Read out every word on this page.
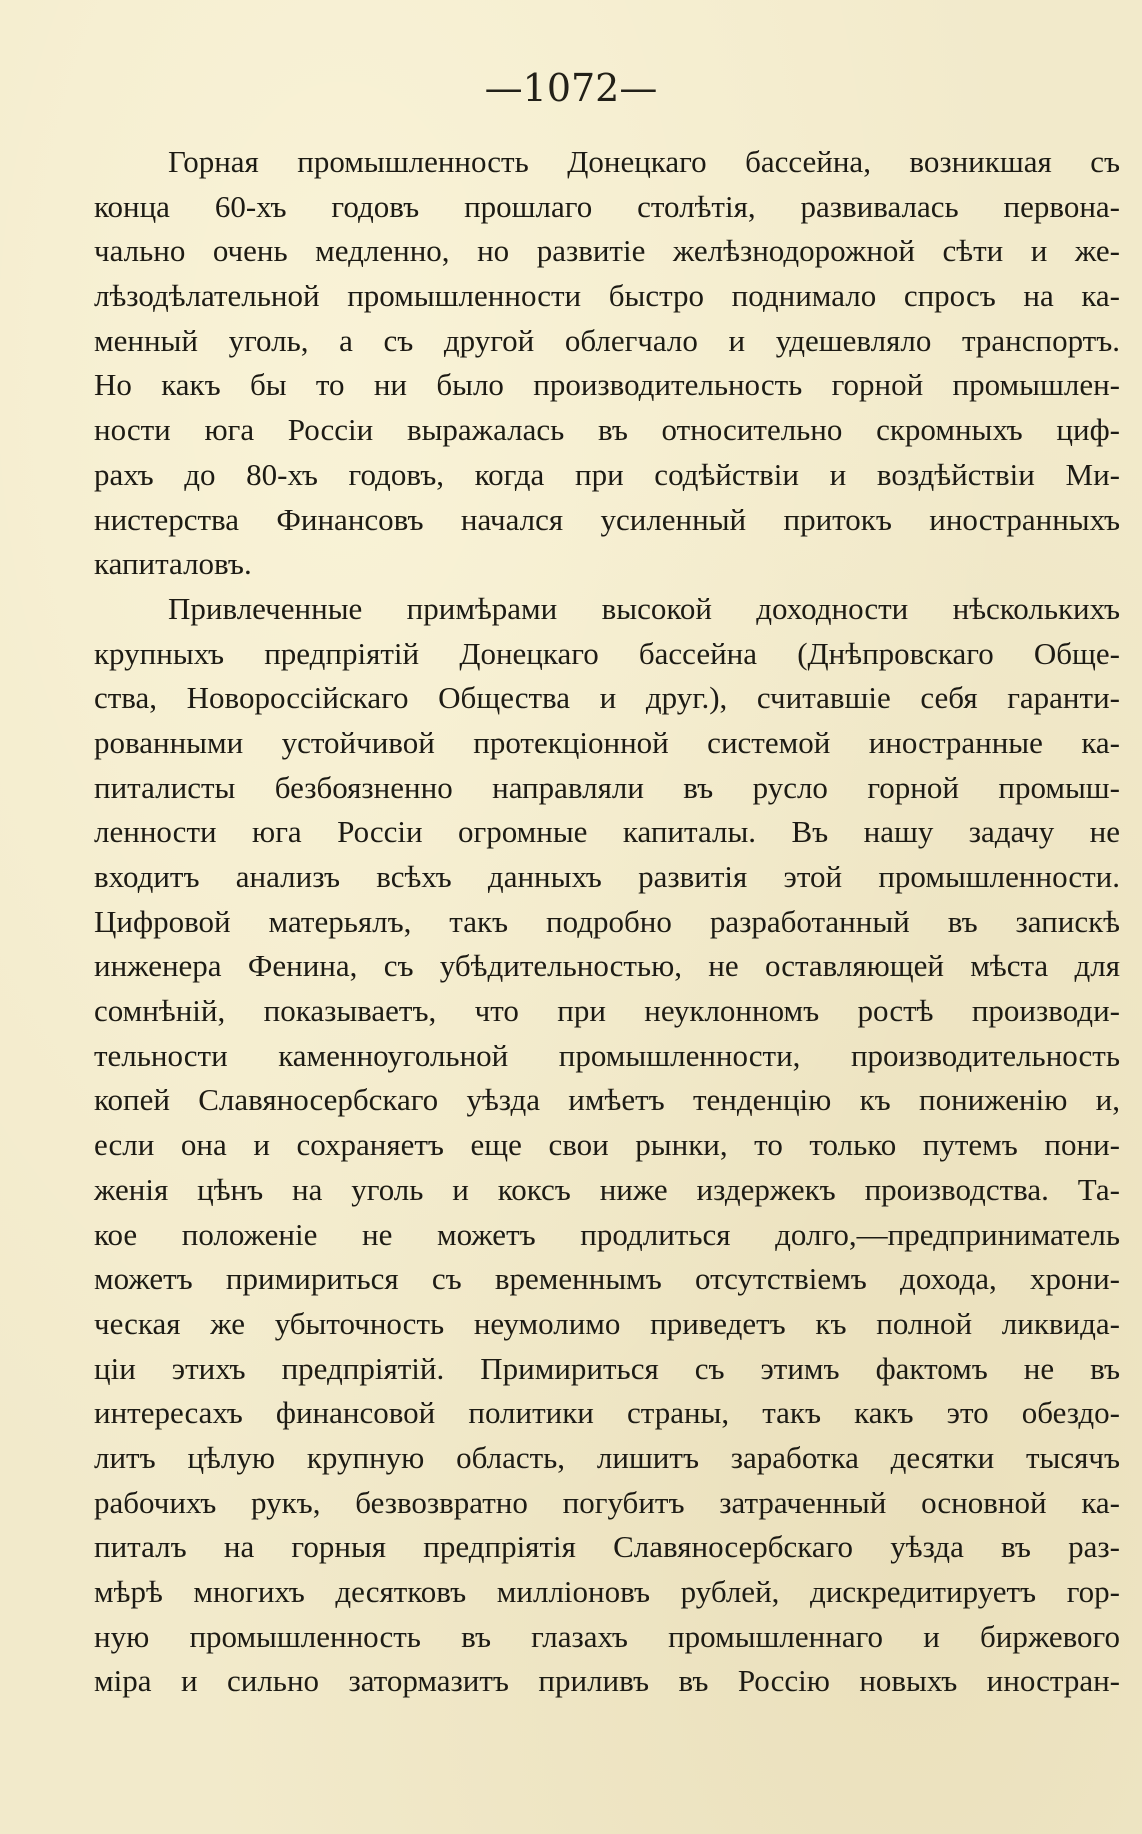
—1072—
Горная промышленность Донецкаго бассейна, возникшая съ
конца 60-хъ годовъ прошлаго столѣтія, развивалась первона-
чально очень медленно, но развитіе желѣзнодорожной сѣти и же-
лѣзодѣлательной промышленности быстро поднимало спросъ на ка-
менный уголь, а съ другой облегчало и удешевляло транспортъ.
Но какъ бы то ни было производительность горной промышлен-
ности юга Россіи выражалась въ относительно скромныхъ циф-
рахъ до 80-хъ годовъ, когда при содѣйствіи и воздѣйствіи Ми-
нистерства Финансовъ начался усиленный притокъ иностранныхъ
капиталовъ.
Привлеченные примѣрами высокой доходности нѣсколькихъ
крупныхъ предпріятій Донецкаго бассейна (Днѣпровскаго Обще-
ства, Новороссійскаго Общества и друг.), считавшіе себя гаранти-
рованными устойчивой протекціонной системой иностранные ка-
питалисты безбоязненно направляли въ русло горной промыш-
ленности юга Россіи огромные капиталы. Въ нашу задачу не
входитъ анализъ всѣхъ данныхъ развитія этой промышленности.
Цифровой матерьялъ, такъ подробно разработанный въ запискѣ
инженера Фенина, съ убѣдительностью, не оставляющей мѣста для
сомнѣній, показываетъ, что при неуклонномъ ростѣ производи-
тельности каменноугольной промышленности, производительность
копей Славяносербскаго уѣзда имѣетъ тенденцію къ пониженію и,
если она и сохраняетъ еще свои рынки, то только путемъ пони-
женія цѣнъ на уголь и коксъ ниже издержекъ производства. Та-
кое положеніе не можетъ продлиться долго,—предприниматель
можетъ примириться съ временнымъ отсутствіемъ дохода, хрони-
ческая же убыточность неумолимо приведетъ къ полной ликвида-
ціи этихъ предпріятій. Примириться съ этимъ фактомъ не въ
интересахъ финансовой политики страны, такъ какъ это обездо-
литъ цѣлую крупную область, лишитъ заработка десятки тысячъ
рабочихъ рукъ, безвозвратно погубитъ затраченный основной ка-
питалъ на горныя предпріятія Славяносербскаго уѣзда въ раз-
мѣрѣ многихъ десятковъ милліоновъ рублей, дискредитируетъ гор-
ную промышленность въ глазахъ промышленнаго и биржевого
міра и сильно затормазитъ приливъ въ Россію новыхъ иностран-
